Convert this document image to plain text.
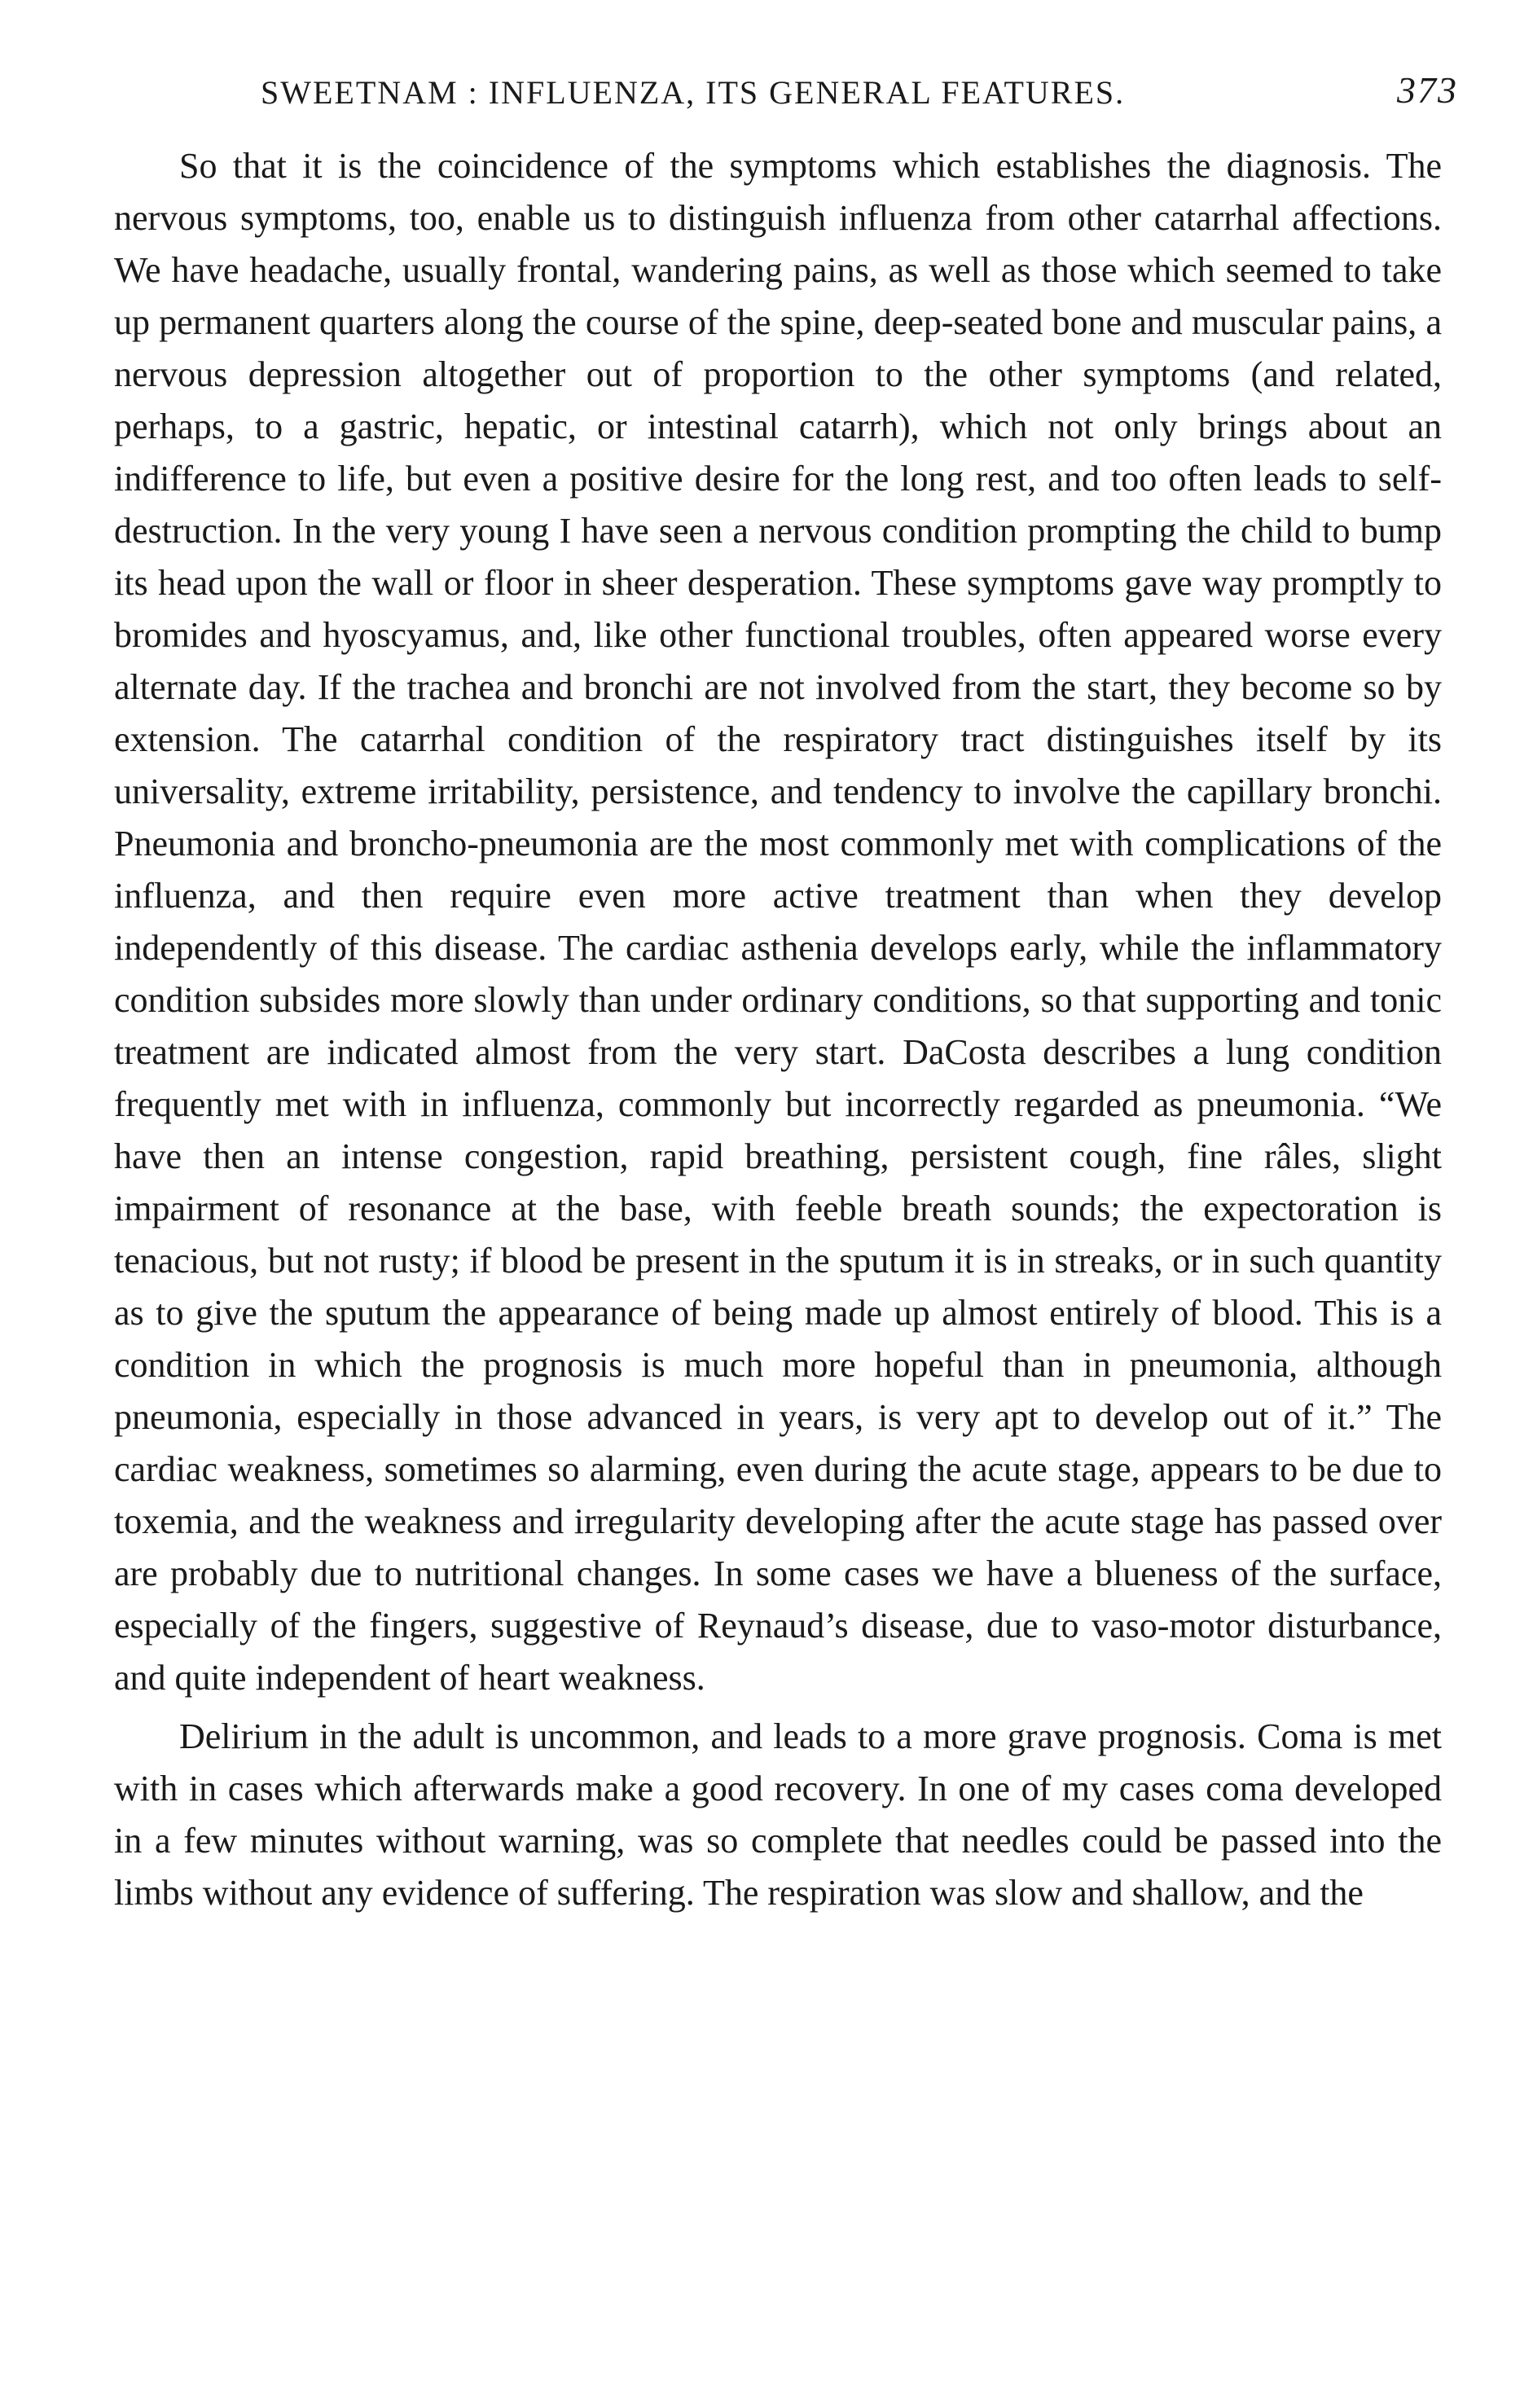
SWEETNAM : INFLUENZA, ITS GENERAL FEATURES.	373

So that it is the coincidence of the symptoms which establishes the diagnosis. The nervous symptoms, too, enable us to distinguish influenza from other catarrhal affections. We have headache, usually frontal, wandering pains, as well as those which seemed to take up permanent quarters along the course of the spine, deep-seated bone and muscular pains, a nervous depression altogether out of proportion to the other symptoms (and related, perhaps, to a gastric, hepatic, or intestinal catarrh), which not only brings about an indifference to life, but even a positive desire for the long rest, and too often leads to self-destruction. In the very young I have seen a nervous condition prompting the child to bump its head upon the wall or floor in sheer desperation. These symptoms gave way promptly to bromides and hyoscyamus, and, like other functional troubles, often appeared worse every alternate day. If the trachea and bronchi are not involved from the start, they become so by extension. The catarrhal condition of the respiratory tract distinguishes itself by its universality, extreme irritability, persistence, and tendency to involve the capillary bronchi. Pneumonia and broncho-pneumonia are the most commonly met with complications of the influenza, and then require even more active treatment than when they develop independently of this disease. The cardiac asthenia develops early, while the inflammatory condition subsides more slowly than under ordinary conditions, so that supporting and tonic treatment are indicated almost from the very start. DaCosta describes a lung condition frequently met with in influenza, commonly but incorrectly regarded as pneumonia. “We have then an intense congestion, rapid breathing, persistent cough, fine râles, slight impairment of resonance at the base, with feeble breath sounds; the expectoration is tenacious, but not rusty; if blood be present in the sputum it is in streaks, or in such quantity as to give the sputum the appearance of being made up almost entirely of blood. This is a condition in which the prognosis is much more hopeful than in pneumonia, although pneumonia, especially in those advanced in years, is very apt to develop out of it.” The cardiac weakness, sometimes so alarming, even during the acute stage, appears to be due to toxemia, and the weakness and irregularity developing after the acute stage has passed over are probably due to nutritional changes. In some cases we have a blueness of the surface, especially of the fingers, suggestive of Reynaud’s disease, due to vaso-motor disturbance, and quite independent of heart weakness.

Delirium in the adult is uncommon, and leads to a more grave prognosis. Coma is met with in cases which afterwards make a good recovery. In one of my cases coma developed in a few minutes without warning, was so complete that needles could be passed into the limbs without any evidence of suffering. The respiration was slow and shallow, and the
